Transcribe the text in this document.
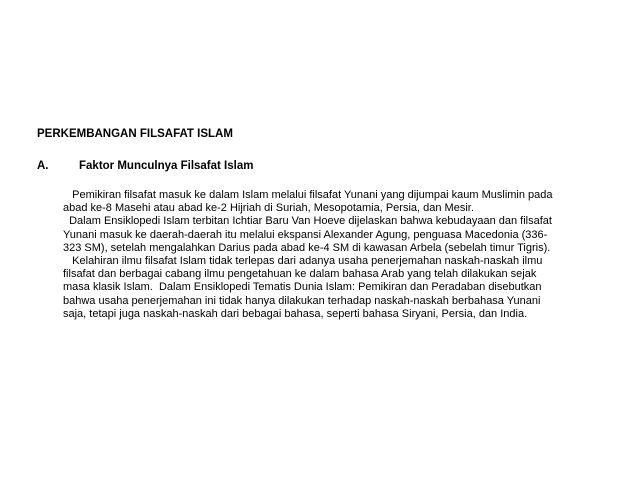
PERKEMBANGAN FILSAFAT ISLAM
A.	Faktor Munculnya Filsafat Islam

Pemikiran filsafat masuk ke dalam Islam melalui filsafat Yunani yang dijumpai kaum Muslimin pada
abad ke-8 Masehi atau abad ke-2 Hijriah di Suriah, Mesopotamia, Persia, dan Mesir.

Dalam Ensiklopedi Islam terbitan Ichtiar Baru Van Hoeve dijelaskan bahwa kebudayaan dan filsafat
Yunani masuk ke daerah-daerah itu melalui ekspansi Alexander Agung, penguasa Macedonia (336-
323 SM), setelah mengalahkan Darius pada abad ke-4 SM di kawasan Arbela (sebelah timur Tigris).

Kelahiran ilmu filsafat Islam tidak terlepas dari adanya usaha penerjemahan naskah-naskah ilmu
filsafat dan berbagai cabang ilmu pengetahuan ke dalam bahasa Arab yang telah dilakukan sejak
masa klasik Islam.  Dalam Ensiklopedi Tematis Dunia Islam: Pemikiran dan Peradaban disebutkan
bahwa usaha penerjemahan ini tidak hanya dilakukan terhadap naskah-naskah berbahasa Yunani
saja, tetapi juga naskah-naskah dari bebagai bahasa, seperti bahasa Siryani, Persia, dan India.
